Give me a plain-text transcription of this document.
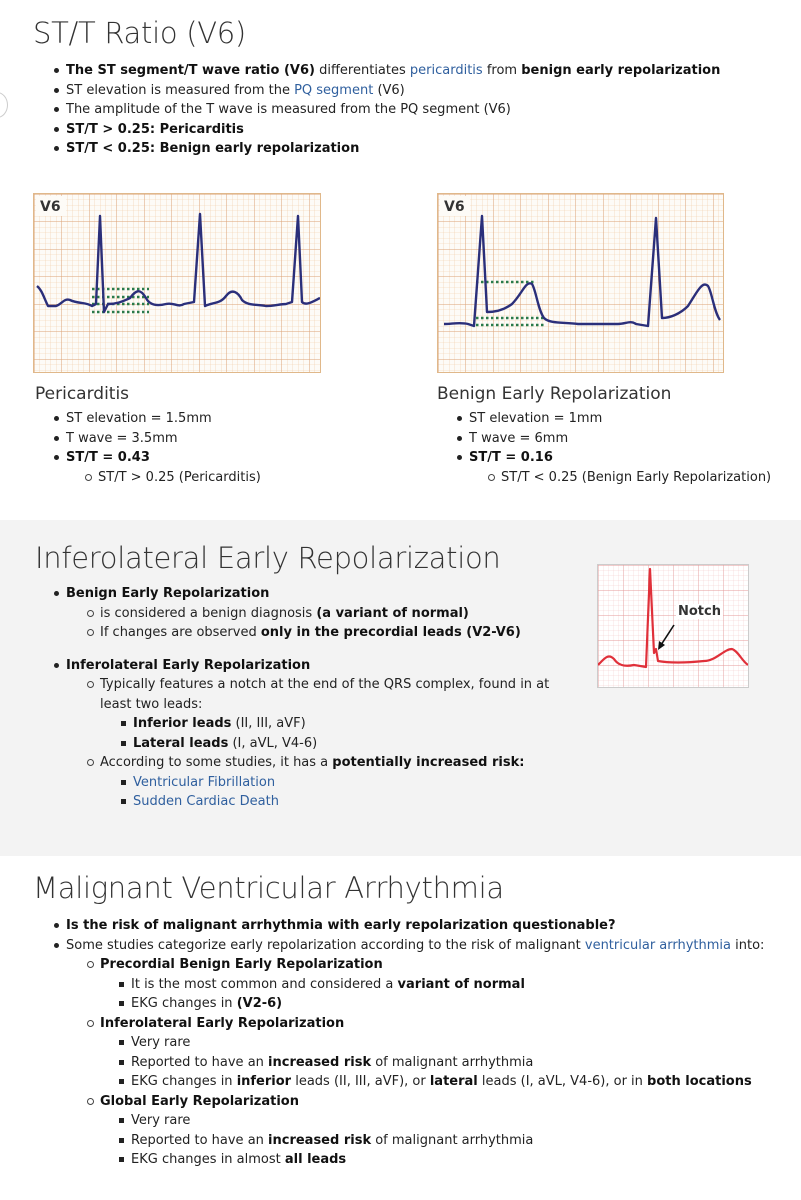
ST/T Ratio (V6)
The ST segment/T wave ratio (V6) differentiates pericarditis from benign early repolarization
ST elevation is measured from the PQ segment (V6)
The amplitude of the T wave is measured from the PQ segment (V6)
ST/T > 0.25: Pericarditis
ST/T < 0.25: Benign early repolarization
V6	V6
Pericarditis
ST elevation = 1.5mm
T wave = 3.5mm
ST/T = 0.43
ST/T > 0.25 (Pericarditis)
Benign Early Repolarization
ST elevation = 1mm
T wave = 6mm
ST/T = 0.16
ST/T < 0.25 (Benign Early Repolarization)
Inferolateral Early Repolarization
Benign Early Repolarization
is considered a benign diagnosis (a variant of normal)
If changes are observed only in the precordial leads (V2-V6)
Inferolateral Early Repolarization
Typically features a notch at the end of the QRS complex, found in at least two leads:
Inferior leads (II, III, aVF)
Lateral leads (I, aVL, V4-6)
According to some studies, it has a potentially increased risk:
Ventricular Fibrillation
Sudden Cardiac Death
Notch
Malignant Ventricular Arrhythmia
Is the risk of malignant arrhythmia with early repolarization questionable?
Some studies categorize early repolarization according to the risk of malignant ventricular arrhythmia into:
Precordial Benign Early Repolarization
It is the most common and considered a variant of normal
EKG changes in (V2-6)
Inferolateral Early Repolarization
Very rare
Reported to have an increased risk of malignant arrhythmia
EKG changes in inferior leads (II, III, aVF), or lateral leads (I, aVL, V4-6), or in both locations
Global Early Repolarization
Very rare
Reported to have an increased risk of malignant arrhythmia
EKG changes in almost all leads
